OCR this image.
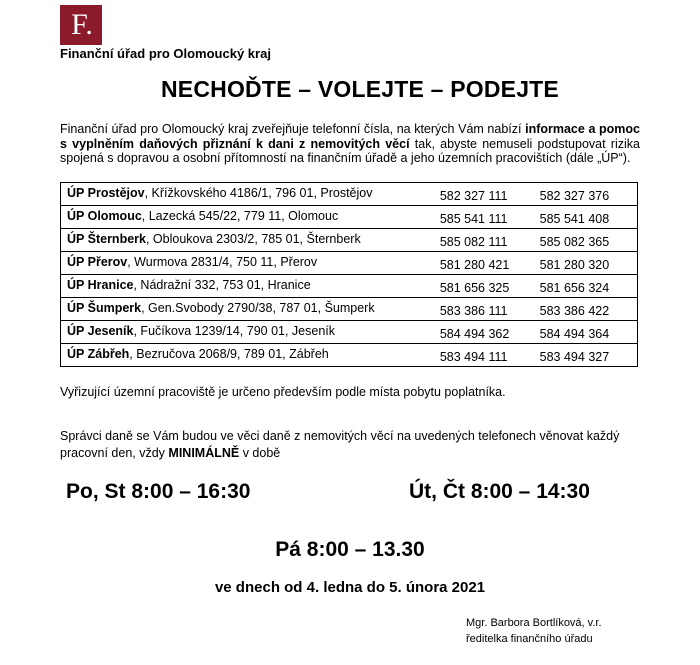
F.
Finanční úřad pro Olomoucký kraj
NECHOĎTE – VOLEJTE – PODEJTE
Finanční úřad pro Olomoucký kraj zveřejňuje telefonní čísla, na kterých Vám nabízí informace a pomoc s vyplněním daňových přiznání k dani z nemovitých věcí tak, abyste nemuseli podstupovat rizika spojená s dopravou a osobní přítomností na finančním úřadě a jeho územních pracovištích (dále „ÚP“).
ÚP Prostějov, Křížkovského 4186/1, 796 01, Prostějov	582 327 111	582 327 376
ÚP Olomouc, Lazecká 545/22, 779 11, Olomouc	585 541 111	585 541 408
ÚP Šternberk, Obloukova 2303/2, 785 01, Šternberk	585 082 111	585 082 365
ÚP Přerov, Wurmova 2831/4, 750 11, Přerov	581 280 421	581 280 320
ÚP Hranice, Nádražní 332, 753 01, Hranice	581 656 325	581 656 324
ÚP Šumperk, Gen.Svobody 2790/38, 787 01, Šumperk	583 386 111	583 386 422
ÚP Jeseník, Fučíkova 1239/14, 790 01, Jeseník	584 494 362	584 494 364
ÚP Zábřeh, Bezručova 2068/9, 789 01, Zábřeh	583 494 111	583 494 327
Vyřizující územní pracoviště je určeno především podle místa pobytu poplatníka.
Správci daně se Vám budou ve věci daně z nemovitých věcí na uvedených telefonech věnovat každý pracovní den, vždy MINIMÁLNĚ v době
Po, St 8:00 – 16:30	Út, Čt 8:00 – 14:30
Pá 8:00 – 13.30
ve dnech od 4. ledna do 5. února 2021
Mgr. Barbora Bortlíková, v.r.
ředitelka finančního úřadu
